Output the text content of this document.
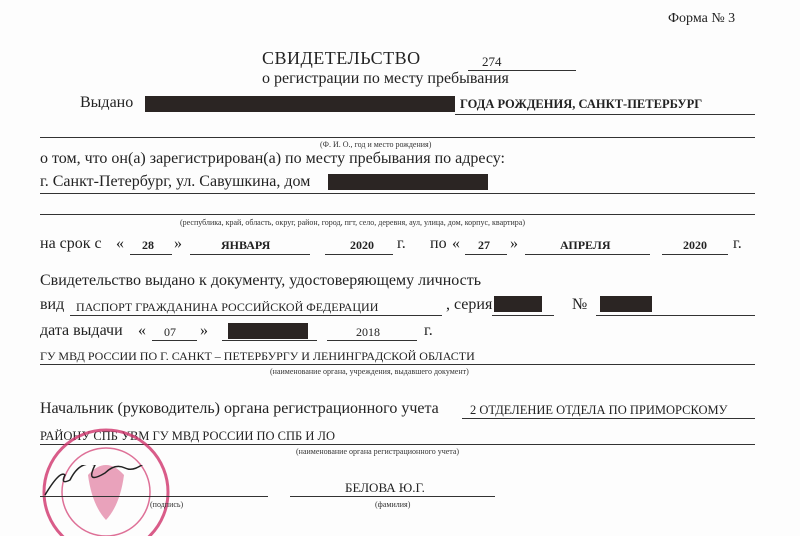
Форма № 3
СВИДЕТЕЛЬСТВО	274
о регистрации по месту пребывания
Выдано	ГОДА РОЖДЕНИЯ, САНКТ-ПЕТЕРБУРГ
(Ф. И. О., год и место рождения)
о том, что он(а) зарегистрирован(а) по месту пребывания по адресу:
г. Санкт-Петербург, ул. Савушкина, дом
(республика, край, область, округ, район, город, пгт, село, деревня, аул, улица, дом, корпус, квартира)
на срок с « 28 »	ЯНВАРЯ	2020 г. по « 27 »	АПРЕЛЯ	2020 г.
Свидетельство выдано к документу, удостоверяющему личность
вид ПАСПОРТ ГРАЖДАНИНА РОССИЙСКОЙ ФЕДЕРАЦИИ	, серия	№
дата выдачи « 07 »	2018	г.
ГУ МВД РОССИИ ПО Г. САНКТ – ПЕТЕРБУРГУ И ЛЕНИНГРАДСКОЙ ОБЛАСТИ
(наименование органа, учреждения, выдавшего документ)
Начальник (руководитель) органа регистрационного учета	2 ОТДЕЛЕНИЕ ОТДЕЛА ПО ПРИМОРСКОМУ
РАЙОНУ СПБ УВМ ГУ МВД РОССИИ ПО СПБ И ЛО
(наименование органа регистрационного учета)
(подпись)
БЕЛОВА Ю.Г.
(фамилия)
